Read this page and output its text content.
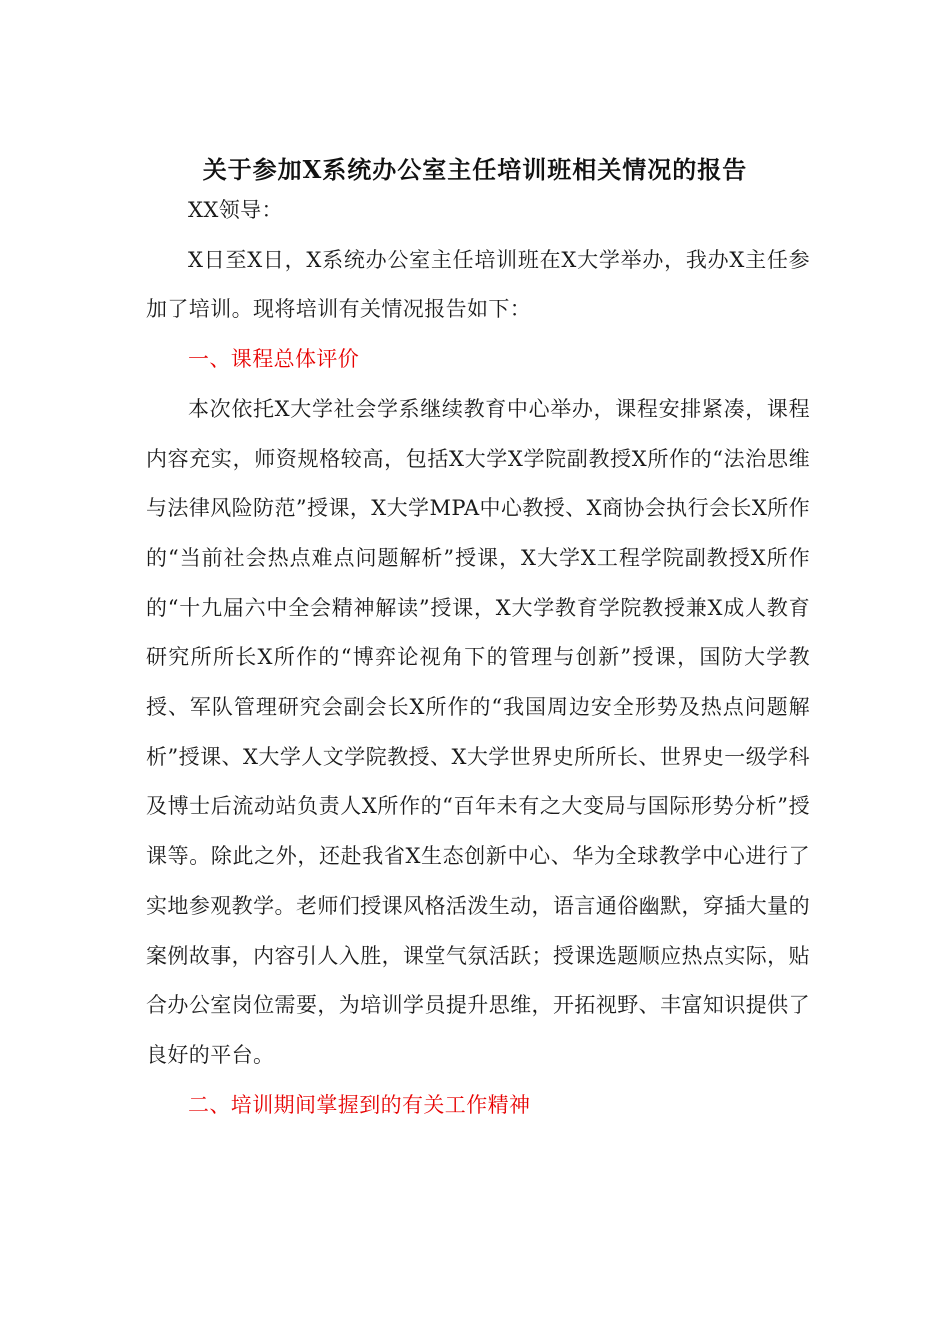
关于参加X系统办公室主任培训班相关情况的报告

XX领导：

X日至X日，X系统办公室主任培训班在X大学举办，我办X主任参加了培训。现将培训有关情况报告如下：

一、课程总体评价

本次依托X大学社会学系继续教育中心举办，课程安排紧凑，课程内容充实，师资规格较高，包括X大学X学院副教授X所作的“法治思维与法律风险防范”授课，X大学MPA中心教授、X商协会执行会长X所作的“当前社会热点难点问题解析”授课，X大学X工程学院副教授X所作的“十九届六中全会精神解读”授课，X大学教育学院教授兼X成人教育研究所所长X所作的“博弈论视角下的管理与创新”授课，国防大学教授、军队管理研究会副会长X所作的“我国周边安全形势及热点问题解析”授课、X大学人文学院教授、X大学世界史所所长、世界史一级学科及博士后流动站负责人X所作的“百年未有之大变局与国际形势分析”授课等。除此之外，还赴我省X生态创新中心、华为全球教学中心进行了实地参观教学。老师们授课风格活泼生动，语言通俗幽默，穿插大量的案例故事，内容引人入胜，课堂气氛活跃；授课选题顺应热点实际，贴合办公室岗位需要，为培训学员提升思维，开拓视野、丰富知识提供了良好的平台。

二、培训期间掌握到的有关工作精神
